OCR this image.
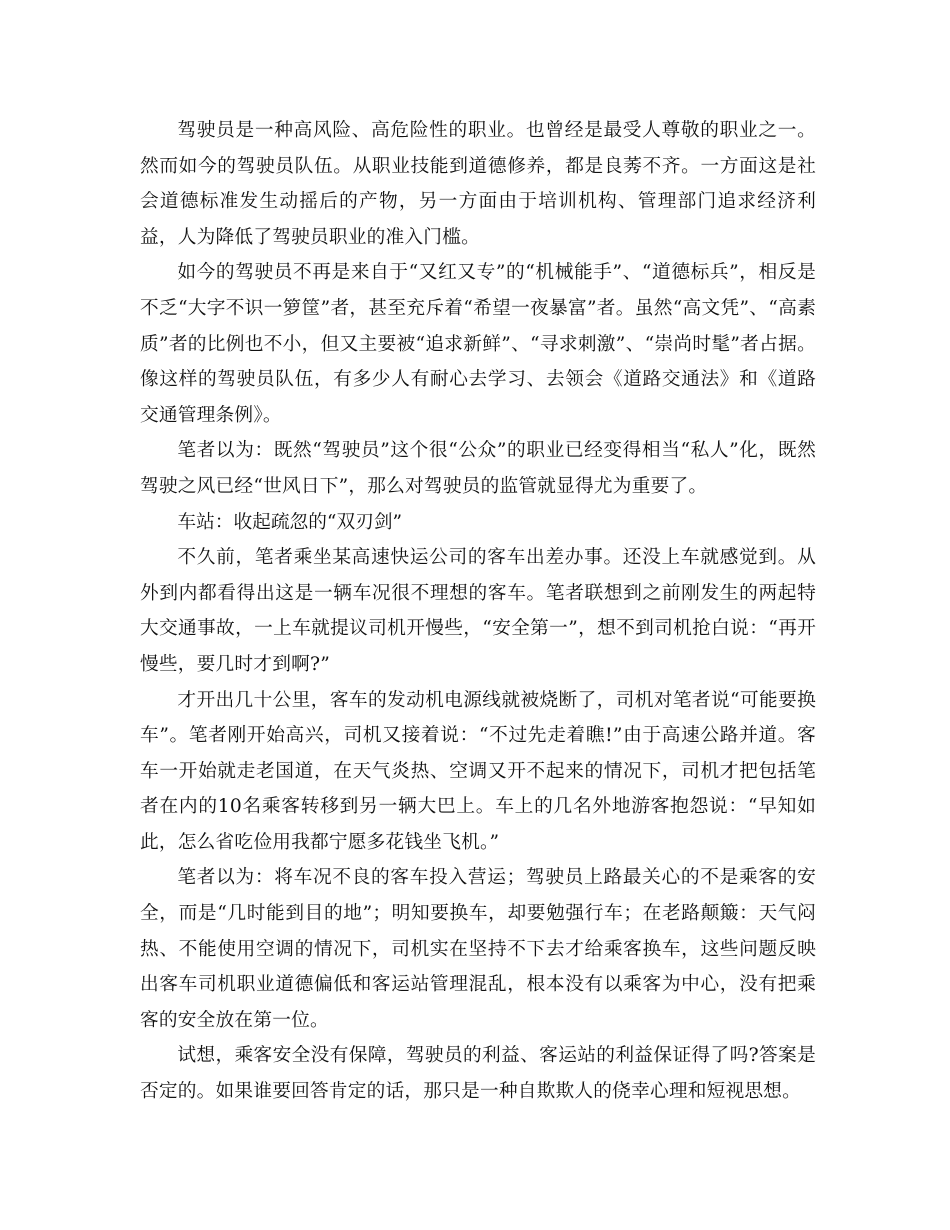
驾驶员是一种高风险、高危险性的职业。也曾经是最受人尊敬的职业之一。然而如今的驾驶员队伍。从职业技能到道德修养，都是良莠不齐。一方面这是社会道德标准发生动摇后的产物，另一方面由于培训机构、管理部门追求经济利益，人为降低了驾驶员职业的准入门槛。

如今的驾驶员不再是来自于“又红又专”的“机械能手”、“道德标兵”，相反是不乏“大字不识一箩筐”者，甚至充斥着“希望一夜暴富”者。虽然“高文凭”、“高素质”者的比例也不小，但又主要被“追求新鲜”、“寻求刺激”、“崇尚时髦”者占据。像这样的驾驶员队伍，有多少人有耐心去学习、去领会《道路交通法》和《道路交通管理条例》。

笔者以为：既然“驾驶员”这个很“公众”的职业已经变得相当“私人”化，既然驾驶之风已经“世风日下”，那么对驾驶员的监管就显得尤为重要了。

车站：收起疏忽的“双刃剑”

不久前，笔者乘坐某高速快运公司的客车出差办事。还没上车就感觉到。从外到内都看得出这是一辆车况很不理想的客车。笔者联想到之前刚发生的两起特大交通事故，一上车就提议司机开慢些，“安全第一”，想不到司机抢白说：“再开慢些，要几时才到啊?”

才开出几十公里，客车的发动机电源线就被烧断了，司机对笔者说“可能要换车”。笔者刚开始高兴，司机又接着说：“不过先走着瞧!”由于高速公路并道。客车一开始就走老国道，在天气炎热、空调又开不起来的情况下，司机才把包括笔者在内的10名乘客转移到另一辆大巴上。车上的几名外地游客抱怨说：“早知如此，怎么省吃俭用我都宁愿多花钱坐飞机。”

笔者以为：将车况不良的客车投入营运；驾驶员上路最关心的不是乘客的安全，而是“几时能到目的地”；明知要换车，却要勉强行车；在老路颠簸：天气闷热、不能使用空调的情况下，司机实在坚持不下去才给乘客换车，这些问题反映出客车司机职业道德偏低和客运站管理混乱，根本没有以乘客为中心，没有把乘客的安全放在第一位。

试想，乘客安全没有保障，驾驶员的利益、客运站的利益保证得了吗?答案是否定的。如果谁要回答肯定的话，那只是一种自欺欺人的侥幸心理和短视思想。
